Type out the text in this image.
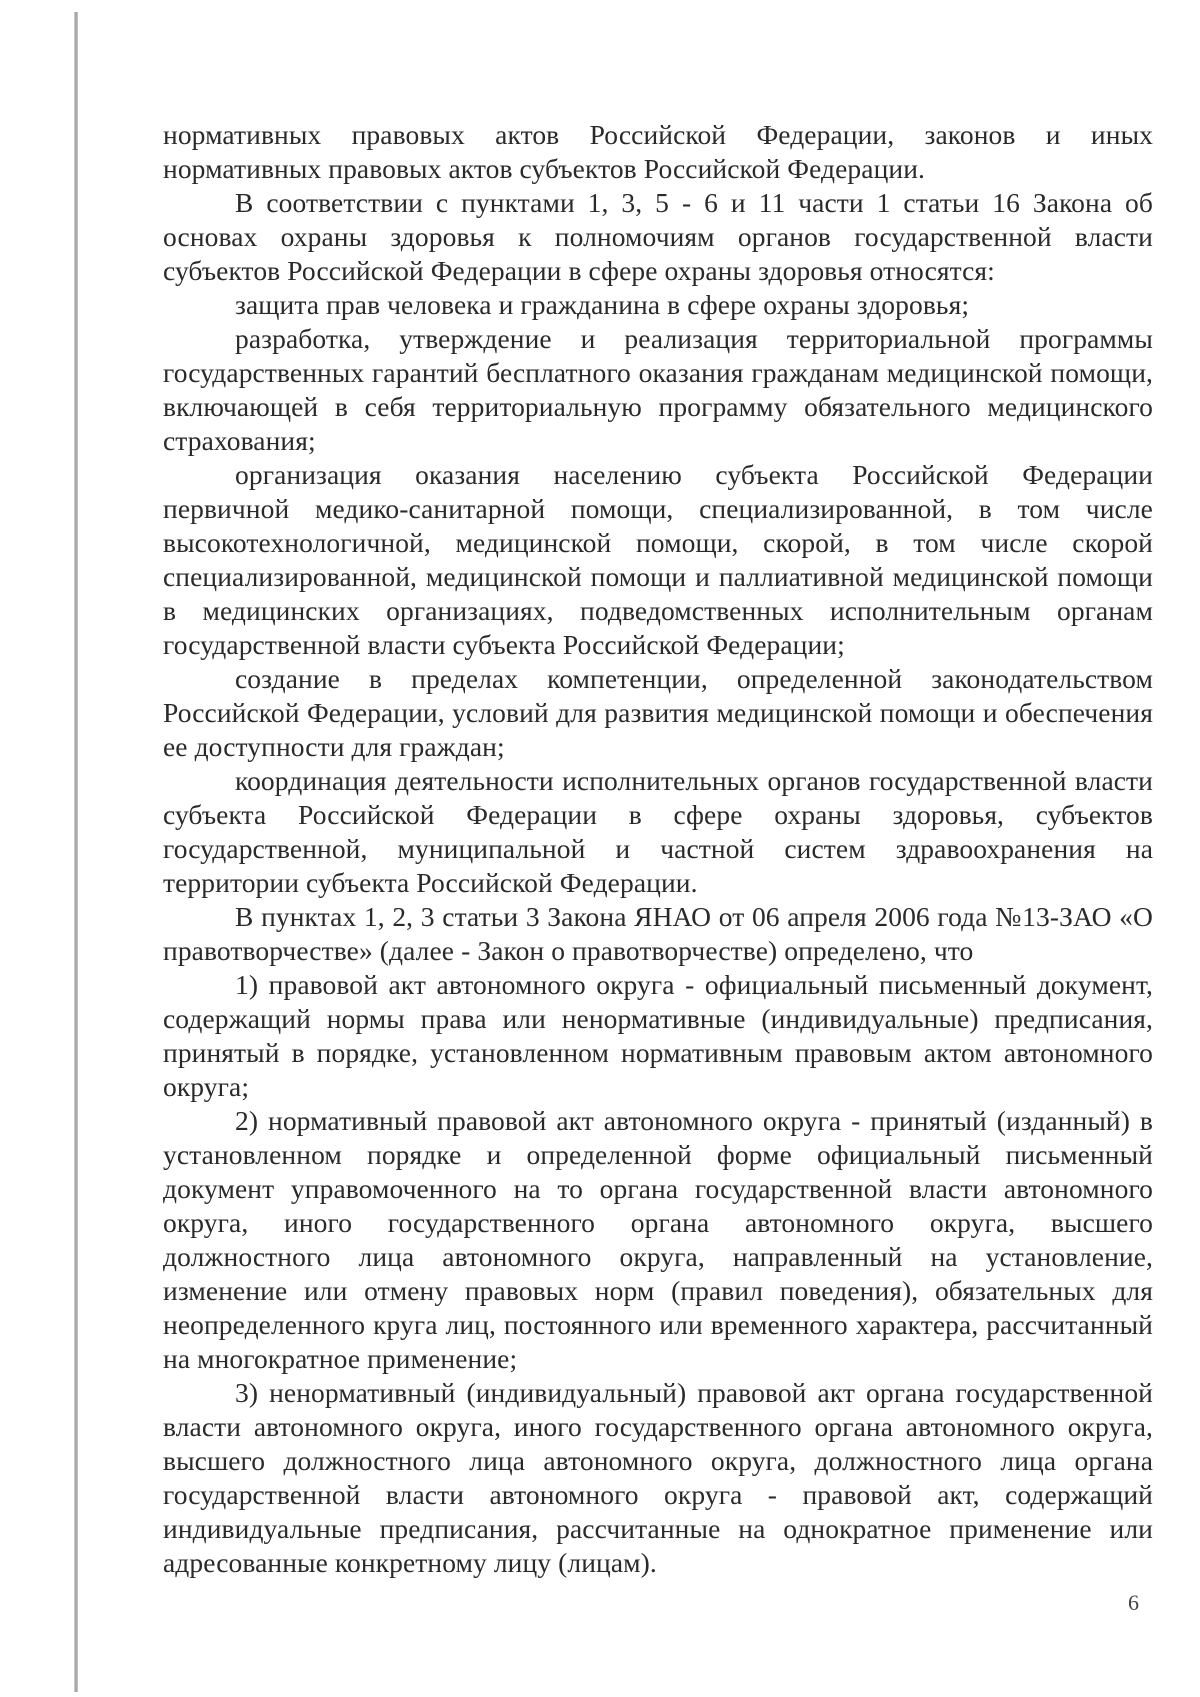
нормативных правовых актов Российской Федерации, законов и иных нормативных правовых актов субъектов Российской Федерации.

В соответствии с пунктами 1, 3, 5 - 6 и 11 части 1 статьи 16 Закона об основах охраны здоровья к полномочиям органов государственной власти субъектов Российской Федерации в сфере охраны здоровья относятся:

защита прав человека и гражданина в сфере охраны здоровья;

разработка, утверждение и реализация территориальной программы государственных гарантий бесплатного оказания гражданам медицинской помощи, включающей в себя территориальную программу обязательного медицинского страхования;

организация оказания населению субъекта Российской Федерации первичной медико-санитарной помощи, специализированной, в том числе высокотехнологичной, медицинской помощи, скорой, в том числе скорой специализированной, медицинской помощи и паллиативной медицинской помощи в медицинских организациях, подведомственных исполнительным органам государственной власти субъекта Российской Федерации;

создание в пределах компетенции, определенной законодательством Российской Федерации, условий для развития медицинской помощи и обеспечения ее доступности для граждан;

координация деятельности исполнительных органов государственной власти субъекта Российской Федерации в сфере охраны здоровья, субъектов государственной, муниципальной и частной систем здравоохранения на территории субъекта Российской Федерации.

В пунктах 1, 2, 3 статьи 3 Закона ЯНАО от 06 апреля 2006 года №13-ЗАО «О правотворчестве» (далее - Закон о правотворчестве) определено, что

1) правовой акт автономного округа - официальный письменный документ, содержащий нормы права или ненормативные (индивидуальные) предписания, принятый в порядке, установленном нормативным правовым актом автономного округа;

2) нормативный правовой акт автономного округа - принятый (изданный) в установленном порядке и определенной форме официальный письменный документ управомоченного на то органа государственной власти автономного округа, иного государственного органа автономного округа, высшего должностного лица автономного округа, направленный на установление, изменение или отмену правовых норм (правил поведения), обязательных для неопределенного круга лиц, постоянного или временного характера, рассчитанный на многократное применение;

3) ненормативный (индивидуальный) правовой акт органа государственной власти автономного округа, иного государственного органа автономного округа, высшего должностного лица автономного округа, должностного лица органа государственной власти автономного округа - правовой акт, содержащий индивидуальные предписания, рассчитанные на однократное применение или адресованные конкретному лицу (лицам).

6
